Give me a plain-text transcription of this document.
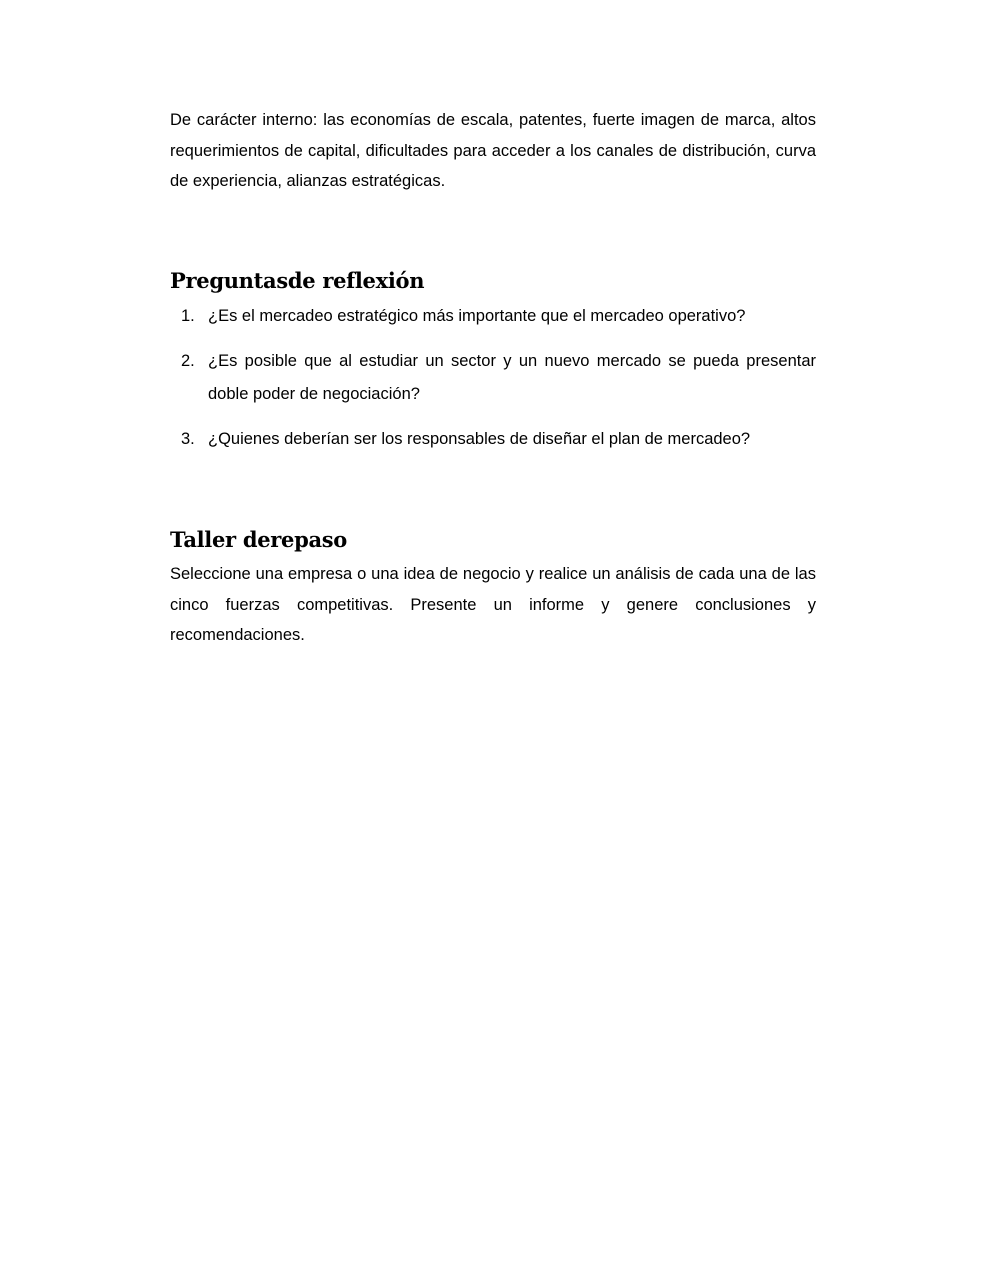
De carácter interno: las economías de escala, patentes, fuerte imagen de marca, altos requerimientos de capital, dificultades para acceder a los canales de distribución, curva de experiencia, alianzas estratégicas.

Preguntasde reflexión
1. ¿Es el mercadeo estratégico más importante que el mercadeo operativo?
2. ¿Es posible que al estudiar un sector y un nuevo mercado se pueda presentar doble poder de negociación?
3. ¿Quienes deberían ser los responsables de diseñar el plan de mercadeo?
Taller derepaso

Seleccione una empresa o una idea de negocio y realice un análisis de cada una de las cinco fuerzas competitivas. Presente un informe y genere conclusiones y recomendaciones.
